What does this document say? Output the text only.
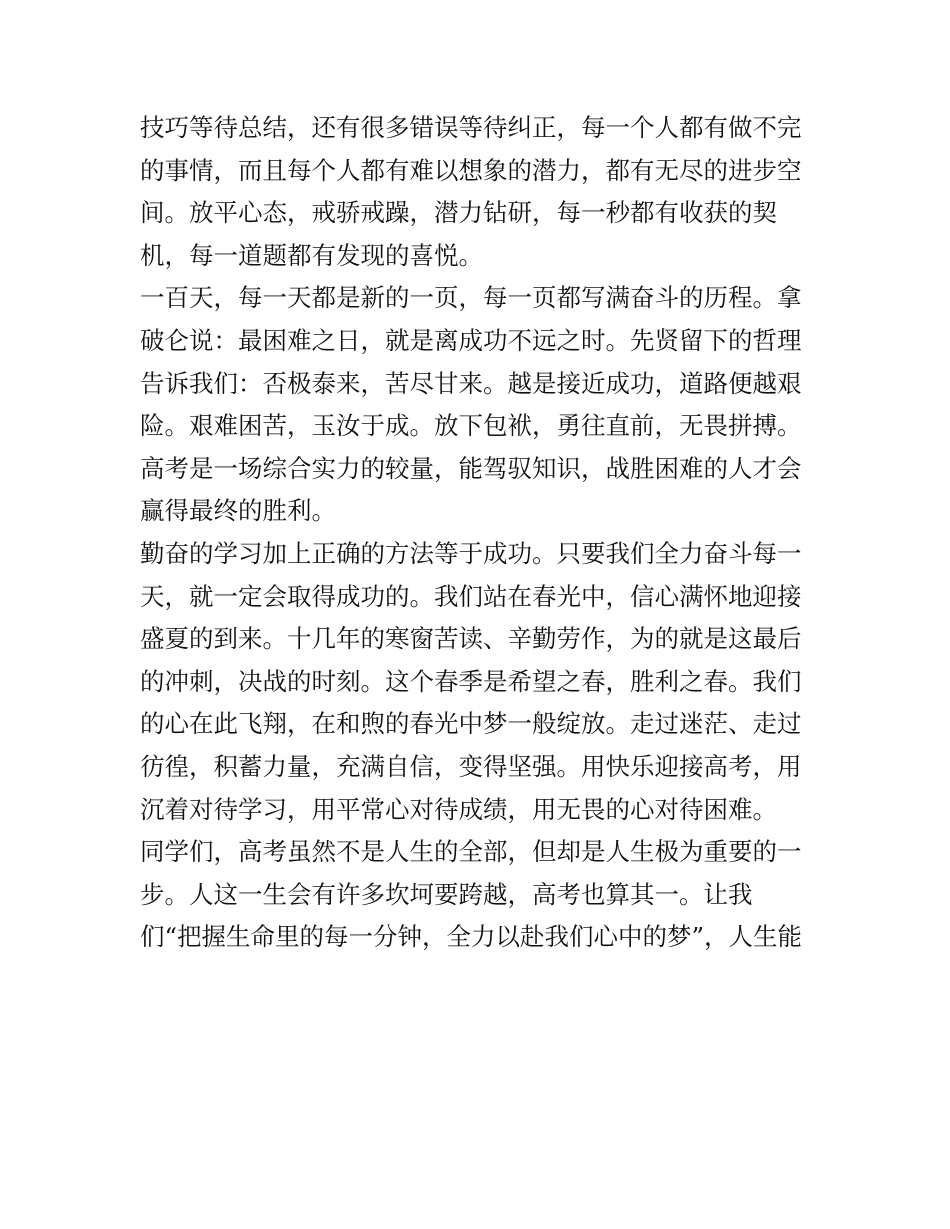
技巧等待总结，还有很多错误等待纠正，每一个人都有做不完
的事情，而且每个人都有难以想象的潜力，都有无尽的进步空
间。放平心态，戒骄戒躁，潜力钻研，每一秒都有收获的契
机，每一道题都有发现的喜悦。
一百天，每一天都是新的一页，每一页都写满奋斗的历程。拿
破仑说：最困难之日，就是离成功不远之时。先贤留下的哲理
告诉我们：否极泰来，苦尽甘来。越是接近成功，道路便越艰
险。艰难困苦，玉汝于成。放下包袱，勇往直前，无畏拼搏。
高考是一场综合实力的较量，能驾驭知识，战胜困难的人才会
赢得最终的胜利。
勤奋的学习加上正确的方法等于成功。只要我们全力奋斗每一
天，就一定会取得成功的。我们站在春光中，信心满怀地迎接
盛夏的到来。十几年的寒窗苦读、辛勤劳作，为的就是这最后
的冲刺，决战的时刻。这个春季是希望之春，胜利之春。我们
的心在此飞翔，在和煦的春光中梦一般绽放。走过迷茫、走过
彷徨，积蓄力量，充满自信，变得坚强。用快乐迎接高考，用
沉着对待学习，用平常心对待成绩，用无畏的心对待困难。
同学们，高考虽然不是人生的全部，但却是人生极为重要的一
步。人这一生会有许多坎坷要跨越，高考也算其一。让我
们“把握生命里的每一分钟，全力以赴我们心中的梦”，人生能
